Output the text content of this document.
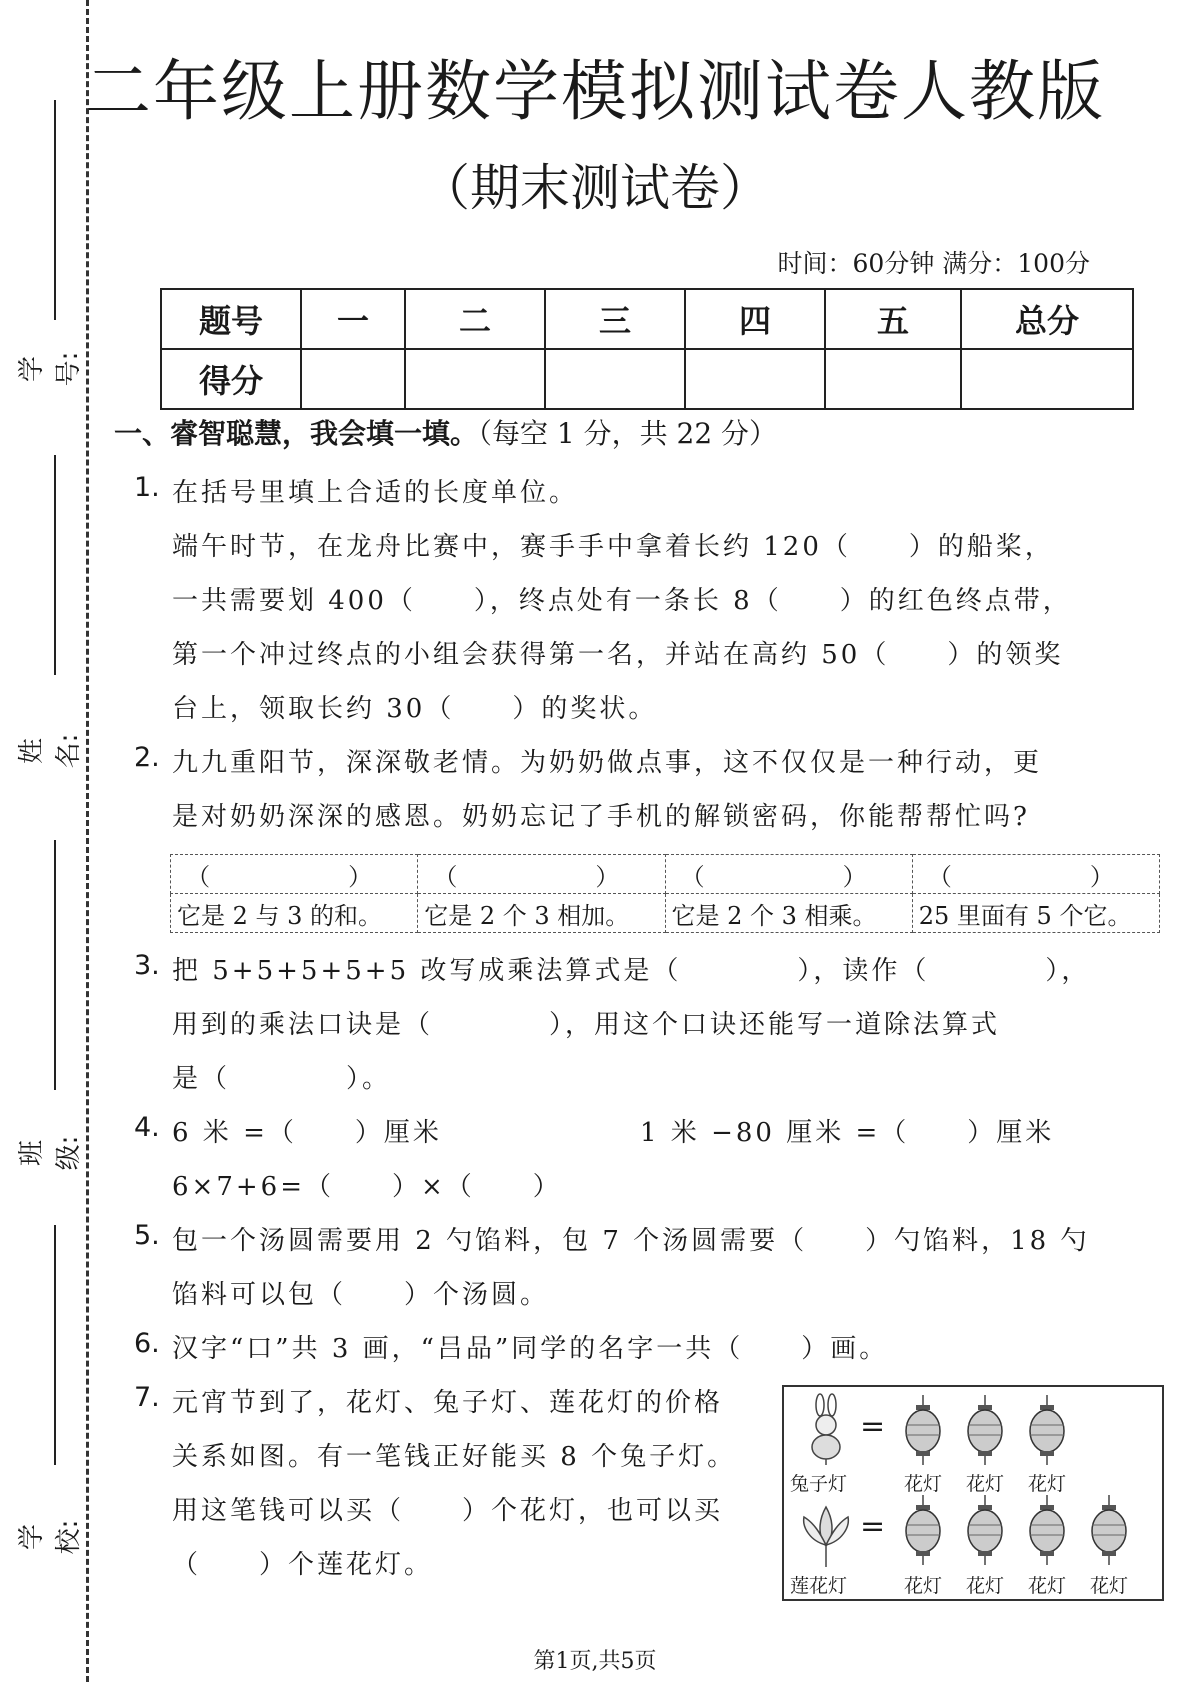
学号:
姓名:
班级:
学校:
二年级上册数学模拟测试卷人教版
（期末测试卷）
时间：60分钟 满分：100分
题号	一	二	三	四	五	总分
得分						
一、睿智聪慧，我会填一填。（每空 1 分，共 22 分）
1. 在括号里填上合适的长度单位。
端午时节，在龙舟比赛中，赛手手中拿着长约 120（　　）的船桨，
一共需要划 400（　　），终点处有一条长 8（　　）的红色终点带，
第一个冲过终点的小组会获得第一名，并站在高约 50（　　）的领奖
台上，领取长约 30（　　）的奖状。
2. 九九重阳节，深深敬老情。为奶奶做点事，这不仅仅是一种行动，更
是对奶奶深深的感恩。奶奶忘记了手机的解锁密码，你能帮帮忙吗?
（　　）	（　　）	（　　）	（　　）
它是 2 与 3 的和。	它是 2 个 3 相加。	它是 2 个 3 相乘。	25 里面有 5 个它。
3. 把 5+5+5+5+5 改写成乘法算式是（　　　　），读作（　　　　），
用到的乘法口诀是（　　　　），用这个口诀还能写一道除法算式
是（　　　　）。
4. 6 米 =（　　）厘米	1 米 −80 厘米 =（　　）厘米
6×7+6=（　　）×（　　）
5. 包一个汤圆需要用 2 勺馅料，包 7 个汤圆需要（　　）勺馅料，18 勺
馅料可以包（　　）个汤圆。
6. 汉字“口”共 3 画，“吕品”同学的名字一共（　　）画。
7. 元宵节到了，花灯、兔子灯、莲花灯的价格
关系如图。有一笔钱正好能买 8 个兔子灯。
用这笔钱可以买（　　）个花灯，也可以买
（　　）个莲花灯。
=
兔子灯	花灯 花灯 花灯
=
莲花灯	花灯 花灯 花灯 花灯
第1页,共5页
